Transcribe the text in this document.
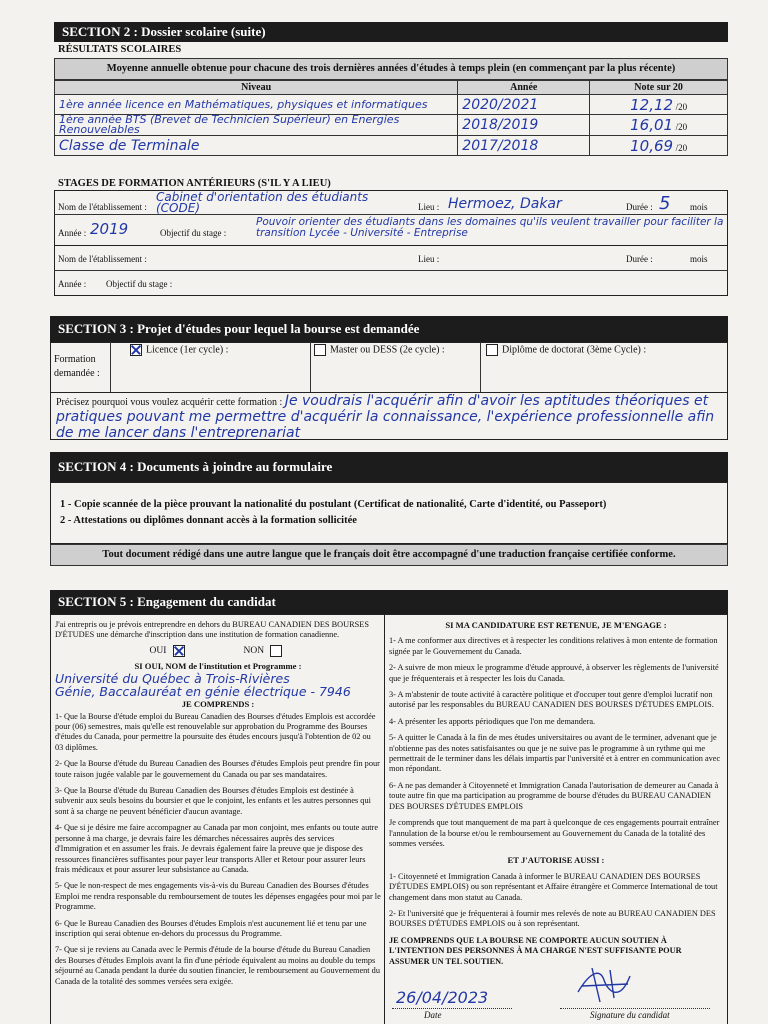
SECTION 2 : Dossier scolaire (suite)
RÉSULTATS SCOLAIRES
Moyenne annuelle obtenue pour chacune des trois dernières années d'études à temps plein (en commençant par la plus récente)
Niveau	Année	Note sur 20
1ère année licence en Mathématiques, physiques et informatiques	2020/2021	12,12 /20
1ère année BTS (Brevet de Technicien Supérieur) en Energies Renouvelables	2018/2019	16,01 /20
Classe de Terminale	2017/2018	10,69 /20
STAGES DE FORMATION ANTÉRIEURS (S'IL Y A LIEU)
Nom de l'établissement :
Cabinet d'orientation des étudiants (CODE)	Lieu : Hermoez, Dakar	Durée : 5 mois
Année : 2019	Objectif du stage :
Pouvoir orienter des étudiants dans les domaines qu'ils veulent travailler pour faciliter la transition Lycée - Université - Entreprise
Nom de l'établissement :	Lieu :	Durée :	mois
Année : Objectif du stage :
SECTION 3 : Projet d'études pour lequel la bourse est demandée
Formation demandée :
Licence (1er cycle) :	Master ou DESS (2e cycle) :	Diplôme de doctorat (3ème Cycle) :
Précisez pourquoi vous voulez acquérir cette formation : Je voudrais l'acquérir afin d'avoir les aptitudes théoriques et pratiques pouvant me permettre d'acquérir la connaissance, l'expérience professionnelle afin de me lancer dans l'entreprenariat
SECTION 4 : Documents à joindre au formulaire
1 - Copie scannée de la pièce prouvant la nationalité du postulant (Certificat de nationalité, Carte d'identité, ou Passeport)
2 - Attestations ou diplômes donnant accès à la formation sollicitée
Tout document rédigé dans une autre langue que le français doit être accompagné d'une traduction française certifiée conforme.
SECTION 5 : Engagement du candidat

J'ai entrepris ou je prévois entreprendre en dehors du BUREAU CANADIEN DES BOURSES D'ÉTUDES une démarche d'inscription dans une institution de formation canadienne.

OUI	NON
SI OUI, NOM de l'institution et Programme :
Université du Québec à Trois-Rivières
Génie, Baccalauréat en génie électrique - 7946
JE COMPRENDS :

1- Que la Bourse d'étude emploi du Bureau Canadien des Bourses d'études Emplois est accordée pour (06) semestres, mais qu'elle est renouvelable sur approbation du Programme des Bourses d'études du Canada, pour permettre la poursuite des études encours jusqu'à l'obtention de 02 ou 03 diplômes.

2- Que la Bourse d'étude du Bureau Canadien des Bourses d'études Emplois peut prendre fin pour toute raison jugée valable par le gouvernement du Canada ou par ses mandataires.

3- Que la Bourse d'étude du Bureau Canadien des Bourses d'études Emplois est destinée à subvenir aux seuls besoins du boursier et que le conjoint, les enfants et les autres personnes qui sont à sa charge ne peuvent bénéficier d'aucun avantage.

4- Que si je désire me faire accompagner au Canada par mon conjoint, mes enfants ou toute autre personne à ma charge, je devrais faire les démarches nécessaires auprès des services d'Immigration et en assumer les frais. Je devrais également faire la preuve que je dispose des ressources financières suffisantes pour payer leur transports Aller et Retour pour assurer leurs frais médicaux et pour assurer leur subsistance au Canada.

5- Que le non-respect de mes engagements vis-à-vis du Bureau Canadien des Bourses d'études Emploi me rendra responsable du remboursement de toutes les dépenses engagées pour moi par le Programme.

6- Que le Bureau Canadien des Bourses d'études Emplois n'est aucunement lié et tenu par une inscription qui serai obtenue en-dehors du processus du Programme.

7- Que si je reviens au Canada avec le Permis d'étude de la bourse d'étude du Bureau Canadien des Bourses d'études Emplois avant la fin d'une période équivalent au moins au double du temps séjourné au Canada pendant la durée du soutien financier, le remboursement au Gouvernement du Canada de la totalité des sommes versées sera exigée.

SI MA CANDIDATURE EST RETENUE, JE M'ENGAGE :

1- A me conformer aux directives et à respecter les conditions relatives à mon entente de formation signée par le Gouvernement du Canada.

2- A suivre de mon mieux le programme d'étude approuvé, à observer les règlements de l'université que je fréquenterais et à respecter les lois du Canada.

3- A m'abstenir de toute activité à caractère politique et d'occuper tout genre d'emploi lucratif non autorisé par les responsables du BUREAU CANADIEN DES BOURSES D'ÉTUDES EMPLOIS.

4- A présenter les apports périodiques que l'on me demandera.

5- A quitter le Canada à la fin de mes études universitaires ou avant de le terminer, advenant que je n'obtienne pas des notes satisfaisantes ou que je ne suive pas le programme à un rythme qui me permettrait de le terminer dans les délais impartis par l'université et à entrer en communication avec mon répondant.

6- A ne pas demander à Citoyenneté et Immigration Canada l'autorisation de demeurer au Canada à toute autre fin que ma participation au programme de bourse d'études du BUREAU CANADIEN DES BOURSES D'ÉTUDES EMPLOIS

Je comprends que tout manquement de ma part à quelconque de ces engagements pourrait entraîner l'annulation de la bourse et/ou le remboursement au Gouvernement du Canada de la totalité des sommes versées.

ET J'AUTORISE AUSSI :

1- Citoyenneté et Immigration Canada à informer le BUREAU CANADIEN DES BOURSES D'ÉTUDES EMPLOIS) ou son représentant et Affaire étrangère et Commerce International de tout changement dans mon statut au Canada.

2- Et l'université que je fréquenterai à fournir mes relevés de note au BUREAU CANADIEN DES BOURSES D'ÉTUDES EMPLOIS ou à son représentant.

JE COMPRENDS QUE LA BOURSE NE COMPORTE AUCUN SOUTIEN À L'INTENTION DES PERSONNES À MA CHARGE N'EST SUFFISANTE POUR ASSUMER UN TEL SOUTIEN.

26/04/2023
Date	Signature du candidat
